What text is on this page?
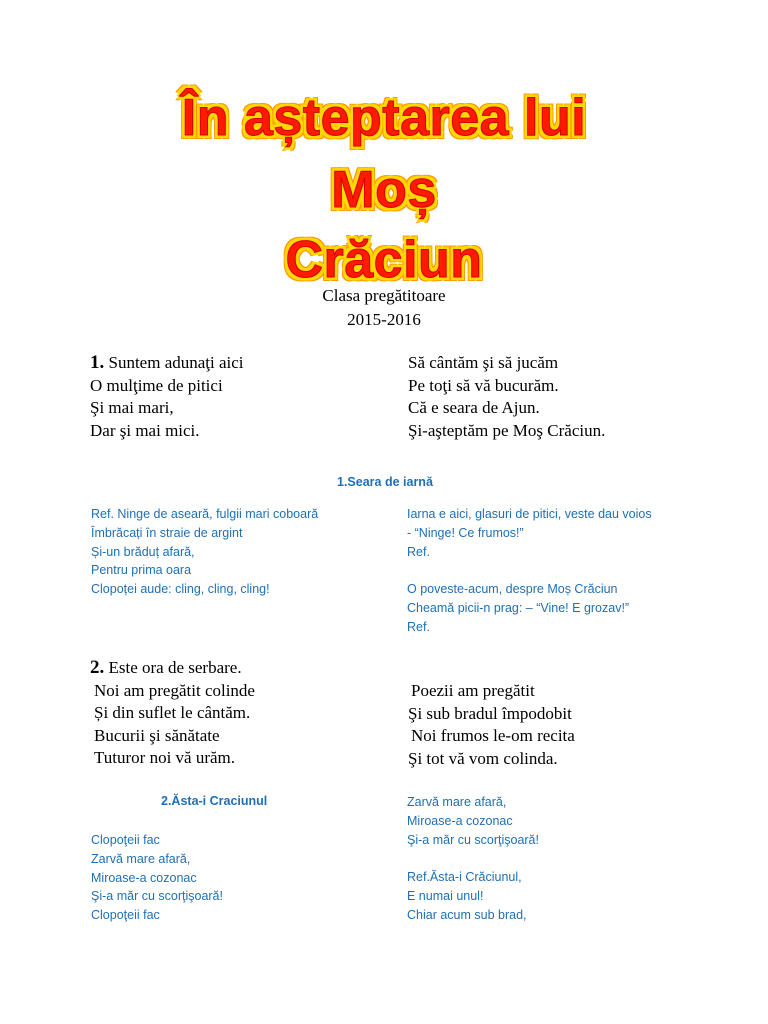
În așteptarea lui
Moș
Crăciun
Clasa pregătitoare
2015-2016
1. Suntem adunaţi aici
O mulţime de pitici
Şi mai mari,
Dar şi mai mici.
Să cântăm şi să jucăm
Pe toţi să vă bucurăm.
Că e seara de Ajun.
Şi-aşteptăm pe Moş Crăciun.
1.Seara de iarnă
Ref. Ninge de aseară, fulgii mari coboară
Îmbrăcați în straie de argint
Și-un brăduț afară,
Pentru prima oara
Clopoței aude: cling, cling, cling!
Iarna e aici, glasuri de pitici, veste dau voios
- “Ninge! Ce frumos!”
Ref.
O poveste-acum, despre Moș Crăciun
Cheamă picii-n prag: – “Vine! E grozav!”
Ref.
2. Este ora de serbare.
Noi am pregătit colinde
Și din suflet le cântăm.
Bucurii şi sănătate
Tuturor noi vă urăm.
Poezii am pregătit
Şi sub bradul împodobit
Noi frumos le-om recita
Şi tot vă vom colinda.
2.Ăsta-i Craciunul
Clopoţeii fac
Zarvă mare afară,
Miroase-a cozonac
Şi-a măr cu scorţişoară!
Clopoţeii fac
Zarvă mare afară,
Miroase-a cozonac
Şi-a măr cu scorţişoară!
Ref.Ăsta-i Crăciunul,
E numai unul!
Chiar acum sub brad,
